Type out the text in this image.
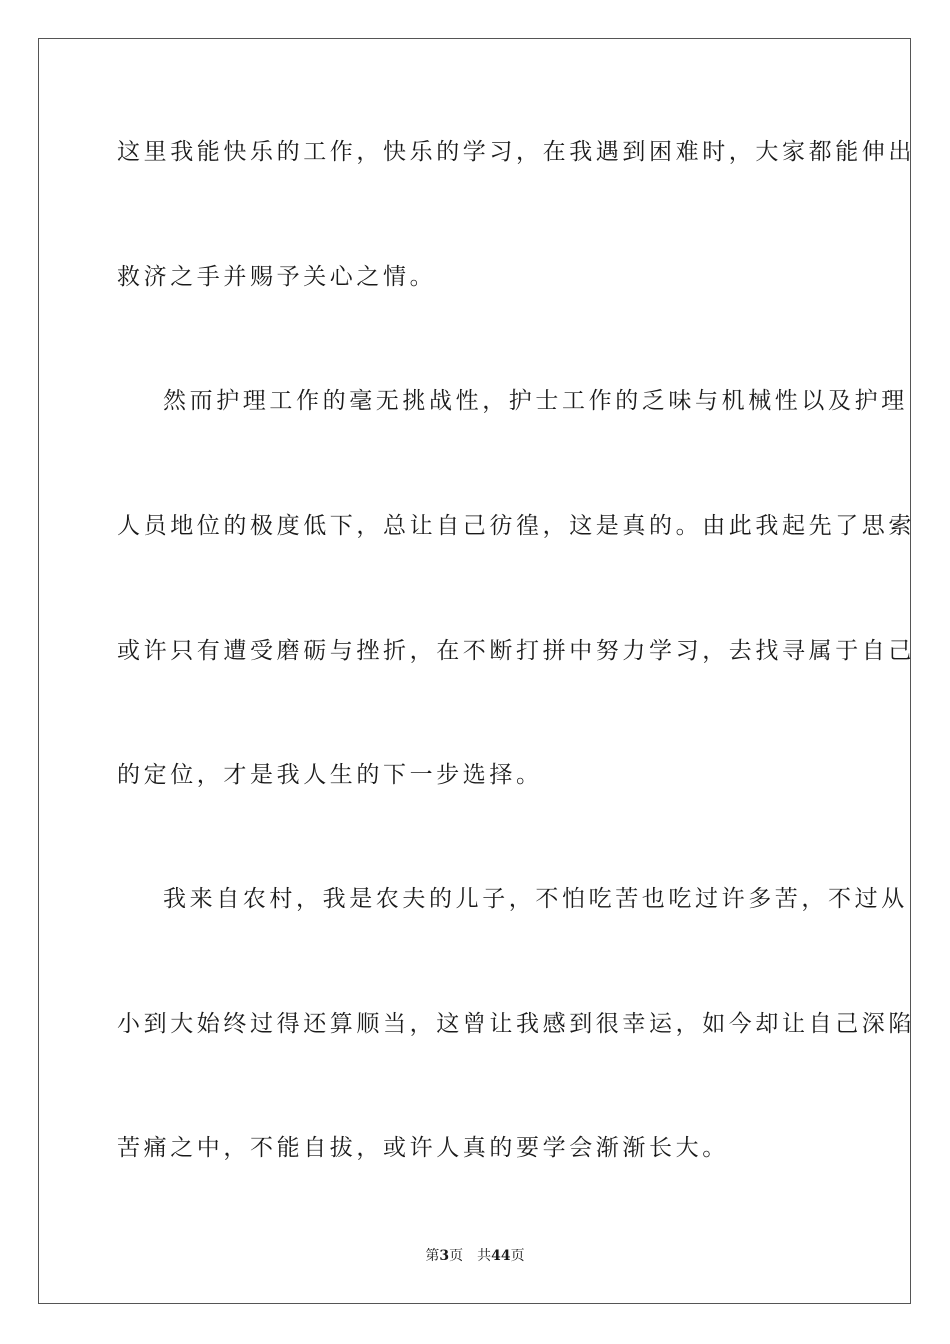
这里我能快乐的工作，快乐的学习，在我遇到困难时，大家都能伸出
救济之手并赐予关心之情。
然而护理工作的毫无挑战性，护士工作的乏味与机械性以及护理
人员地位的极度低下，总让自己彷徨，这是真的。由此我起先了思索
或许只有遭受磨砺与挫折，在不断打拼中努力学习，去找寻属于自己
的定位，才是我人生的下一步选择。
我来自农村，我是农夫的儿子，不怕吃苦也吃过许多苦，不过从
小到大始终过得还算顺当，这曾让我感到很幸运，如今却让自己深陷
苦痛之中，不能自拔，或许人真的要学会渐渐长大。
第3页 共44页
